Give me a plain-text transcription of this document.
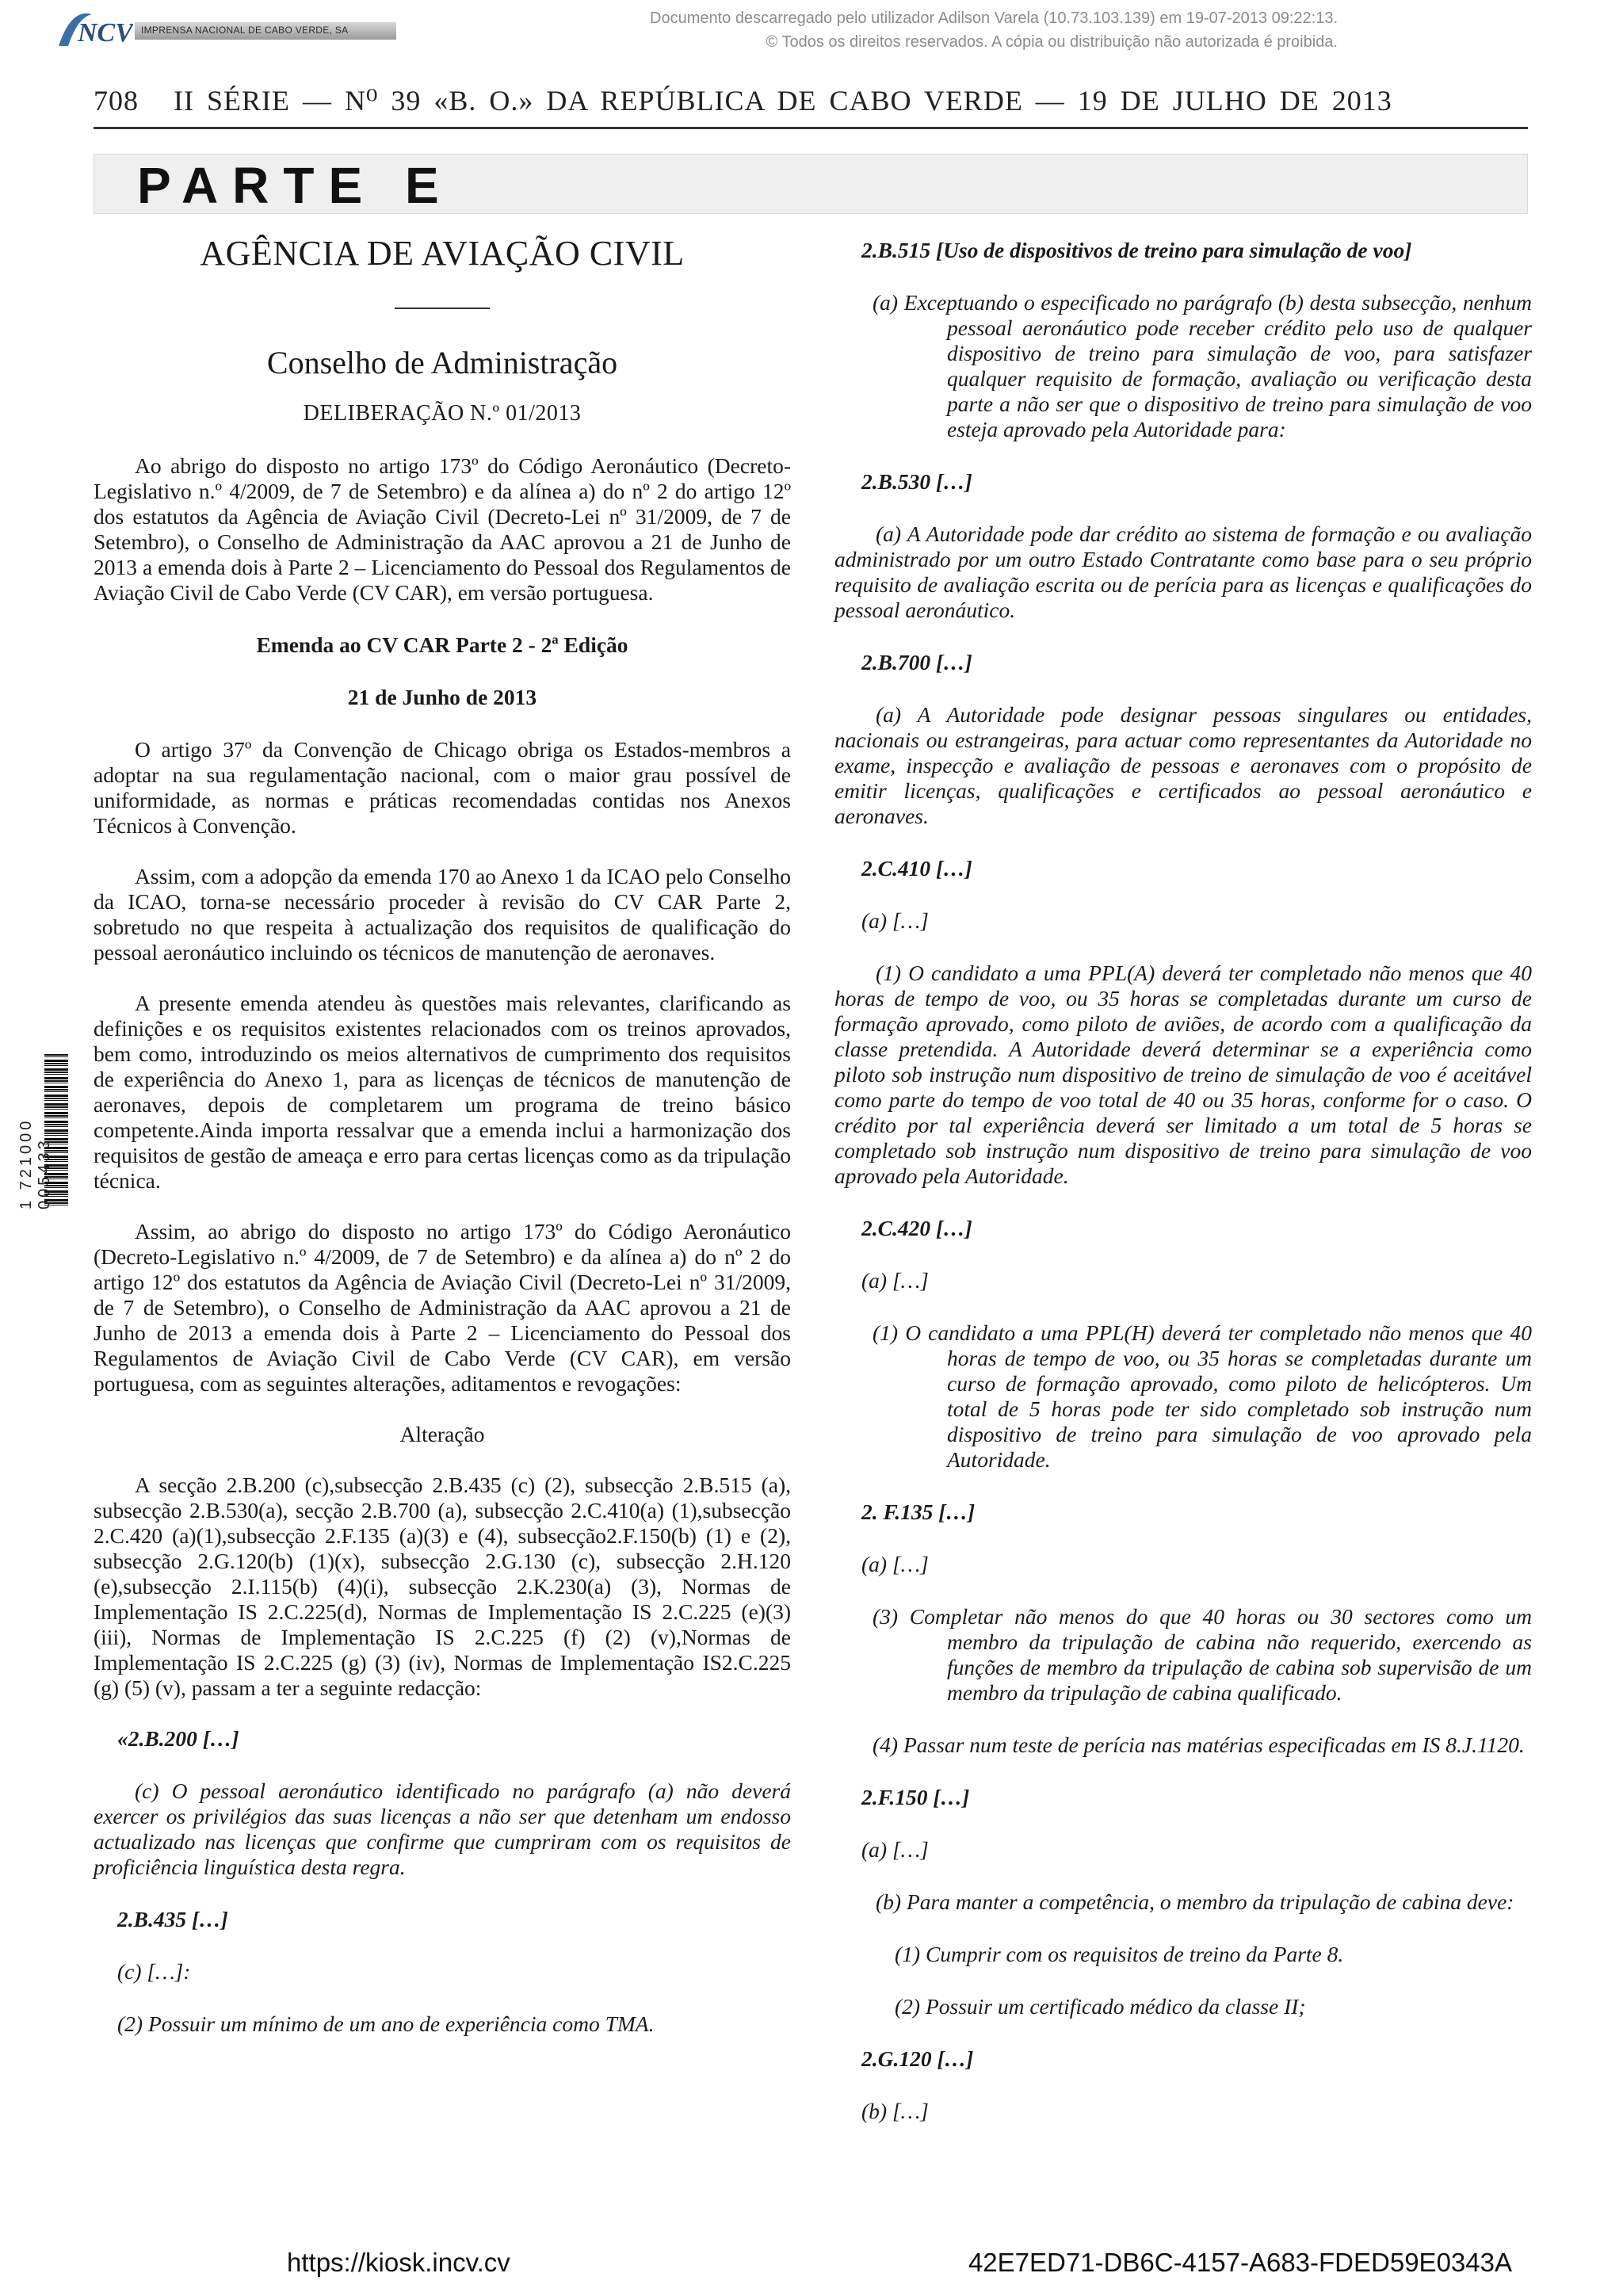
NCV IMPRENSA NACIONAL DE CABO VERDE, SA
Documento descarregado pelo utilizador Adilson Varela (10.73.103.139) em 19-07-2013 09:22:13.
© Todos os direitos reservados. A cópia ou distribuição não autorizada é proibida.
708	II SÉRIE — N⁰ 39 «B. O.» DA REPÚBLICA DE CABO VERDE — 19 DE JULHO DE 2013
PARTE E
AGÊNCIA DE AVIAÇÃO CIVIL
Conselho de Administração
DELIBERAÇÃO N.º 01/2013

Ao abrigo do disposto no artigo 173º do Código Aeronáutico (Decreto-Legislativo n.º 4/2009, de 7 de Setembro) e da alínea a) do nº 2 do artigo 12º dos estatutos da Agência de Aviação Civil (Decreto-Lei nº 31/2009, de 7 de Setembro), o Conselho de Administração da AAC aprovou a 21 de Junho de 2013 a emenda dois à Parte 2 – Licenciamento do Pessoal dos Regulamentos de Aviação Civil de Cabo Verde (CV CAR), em versão portuguesa.

Emenda ao CV CAR Parte 2 - 2ª Edição

21 de Junho de 2013

O artigo 37º da Convenção de Chicago obriga os Estados-membros a adoptar na sua regulamentação nacional, com o maior grau possível de uniformidade, as normas e práticas recomendadas contidas nos Anexos Técnicos à Convenção.

Assim, com a adopção da emenda 170 ao Anexo 1 da ICAO pelo Conselho da ICAO, torna-se necessário proceder à revisão do CV CAR Parte 2, sobretudo no que respeita à actualização dos requisitos de qualificação do pessoal aeronáutico incluindo os técnicos de manutenção de aeronaves.

A presente emenda atendeu às questões mais relevantes, clarificando as definições e os requisitos existentes relacionados com os treinos aprovados, bem como, introduzindo os meios alternativos de cumprimento dos requisitos de experiência do Anexo 1, para as licenças de técnicos de manutenção de aeronaves, depois de completarem um programa de treino básico competente.Ainda importa ressalvar que a emenda inclui a harmonização dos requisitos de gestão de ameaça e erro para certas licenças como as da tripulação técnica.

Assim, ao abrigo do disposto no artigo 173º do Código Aeronáutico (Decreto-Legislativo n.º 4/2009, de 7 de Setembro) e da alínea a) do nº 2 do artigo 12º dos estatutos da Agência de Aviação Civil (Decreto-Lei nº 31/2009, de 7 de Setembro), o Conselho de Administração da AAC aprovou a 21 de Junho de 2013 a emenda dois à Parte 2 – Licenciamento do Pessoal dos Regulamentos de Aviação Civil de Cabo Verde (CV CAR), em versão portuguesa, com as seguintes alterações, aditamentos e revogações:

Alteração

A secção 2.B.200 (c),subsecção 2.B.435 (c) (2), subsecção 2.B.515 (a), subsecção 2.B.530(a), secção 2.B.700 (a), subsecção 2.C.410(a) (1),subsecção 2.C.420 (a)(1),subsecção 2.F.135 (a)(3) e (4), subsecção2.F.150(b) (1) e (2), subsecção 2.G.120(b) (1)(x), subsecção 2.G.130 (c), subsecção 2.H.120 (e),subsecção 2.I.115(b) (4)(i), subsecção 2.K.230(a) (3), Normas de Implementação IS 2.C.225(d), Normas de Implementação IS 2.C.225 (e)(3) (iii), Normas de Implementação IS 2.C.225 (f) (2) (v),Normas de Implementação IS 2.C.225 (g) (3) (iv), Normas de Implementação IS2.C.225 (g) (5) (v), passam a ter a seguinte redacção:

«2.B.200 […]

(c) O pessoal aeronáutico identificado no parágrafo (a) não deverá exercer os privilégios das suas licenças a não ser que detenham um endosso actualizado nas licenças que confirme que cumpriram com os requisitos de proficiência linguística desta regra.

2.B.435 […]

(c) […]:

(2) Possuir um mínimo de um ano de experiência como TMA.

2.B.515 [Uso de dispositivos de treino para simulação de voo]

(a) Exceptuando o especificado no parágrafo (b) desta subsecção, nenhum pessoal aeronáutico pode receber crédito pelo uso de qualquer dispositivo de treino para simulação de voo, para satisfazer qualquer requisito de formação, avaliação ou verificação desta parte a não ser que o dispositivo de treino para simulação de voo esteja aprovado pela Autoridade para:

2.B.530 […]

(a) A Autoridade pode dar crédito ao sistema de formação e ou avaliação administrado por um outro Estado Contratante como base para o seu próprio requisito de avaliação escrita ou de perícia para as licenças e qualificações do pessoal aeronáutico.

2.B.700 […]

(a) A Autoridade pode designar pessoas singulares ou entidades, nacionais ou estrangeiras, para actuar como representantes da Autoridade no exame, inspecção e avaliação de pessoas e aeronaves com o propósito de emitir licenças, qualificações e certificados ao pessoal aeronáutico e aeronaves.

2.C.410 […]

(a) […]

(1) O candidato a uma PPL(A) deverá ter completado não menos que 40 horas de tempo de voo, ou 35 horas se completadas durante um curso de formação aprovado, como piloto de aviões, de acordo com a qualificação da classe pretendida. A Autoridade deverá determinar se a experiência como piloto sob instrução num dispositivo de treino de simulação de voo é aceitável como parte do tempo de voo total de 40 ou 35 horas, conforme for o caso. O crédito por tal experiência deverá ser limitado a um total de 5 horas se completado sob instrução num dispositivo de treino para simulação de voo aprovado pela Autoridade.

2.C.420 […]

(a) […]

(1) O candidato a uma PPL(H) deverá ter completado não menos que 40 horas de tempo de voo, ou 35 horas se completadas durante um curso de formação aprovado, como piloto de helicópteros. Um total de 5 horas pode ter sido completado sob instrução num dispositivo de treino para simulação de voo aprovado pela Autoridade.

2. F.135 […]

(a) […]

(3) Completar não menos do que 40 horas ou 30 sectores como um membro da tripulação de cabina não requerido, exercendo as funções de membro da tripulação de cabina sob supervisão de um membro da tripulação de cabina qualificado.

(4) Passar num teste de perícia nas matérias especificadas em IS 8.J.1120.

2.F.150 […]

(a) […]

(b) Para manter a competência, o membro da tripulação de cabina deve:

(1) Cumprir com os requisitos de treino da Parte 8.

(2) Possuir um certificado médico da classe II;

2.G.120 […]

(b) […]

1 721000 005433
https://kiosk.incv.cv	42E7ED71-DB6C-4157-A683-FDED59E0343A
